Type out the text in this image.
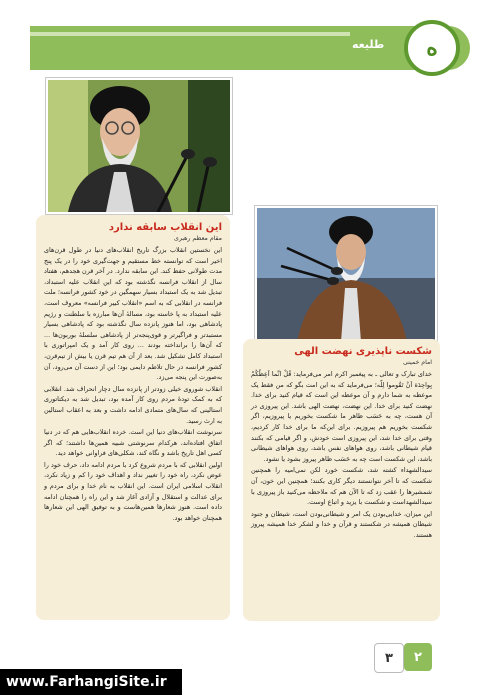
طلیعه ه
این انقلاب سابقه ندارد
مقام معظم رهبری

این نخستین انقلاب بزرگ تاریخ انقلاب‌های دنیا در طول قرن‌های اخیر است که توانسته خط مستقیم و جهت‌گیری خود را در یک پنج مدت طولانی حفظ کند. این سابقه ندارد. در آخر قرن هجدهم، هفتاد سال از انقلاب فرانسه نگذشته بود که این انقلاب علیه استبداد، تبدیل شد به یک استبداد بسیار سهمگین در خود کشور فرانسه؛ ملت فرانسه در انقلابی که به اسم «انقلاب کبیر فرانسه» معروف است، علیه استبداد به پا خاسته بود، مسالهٔ آن‌ها مبارزه با سلطنت و رژیم پادشاهی بود، اما هنوز پانزده سال نگذشته بود که پادشاهی بسیار مستبدتر و فراگیرتر و قوی‌پنجه‌تر از پادشاهی سلسلهٔ بوربون‌ها ... که آن‌ها را برانداخته بودند ... روی کار آمد و یک امپراتوری با استبداد کامل تشکیل شد. بعد از آن هم تیم قرن یا بیش از تیم‌قرن، کشور فرانسه در حال تلاطم دایمی بود؛ این از دست آن می‌رود، آن به‌صورت این پنجه می‌زد.

انقلاب شوروی خیلی زودتر از پانزده سال دچار انحراف شد. انقلابی که به کمک تودهٔ مردم روی کار آمده بود، تبدیل شد به دیکتاتوری استالینی که سال‌های متمادی ادامه داشت و بعد به اعقاب استالین به ارث رسید.

سرنوشت انقلاب‌های دنیا این است. خرده انقلاب‌هایی هم که در دنیا اتفاق افتاده‌اند، هرکدام سرنوشتی شبیه همین‌ها داشتند؛ که اگر کسی اهل تاریخ باشد و نگاه کند، شکلی‌های فراوانی خواهد دید.

اولین انقلابی که با مردم شروع کرد با مردم ادامه داد، حرف خود را عوض نکرد، راه خود را تغییر نداد و اهداف خود را کم و زیاد نکرد، انقلاب اسلامی ایران است. این انقلاب به نام خدا و برای مردم و برای عدالت و استقلال و آزادی آغاز شد و این راه را همچنان ادامه داده است. هنوز شعارها همین‌هاست و به توفیق الهی این شعارها همچنان خواهد بود.

شکست ناپذیری نهضت الهی
امام خمینی

خدای تبارک و تعالی ـ به پیغمبر اکرم امر می‌فرماید: قُلْ انَّما اَعِظُکُمْ بِواحِدَة اَنْ تَقُوموا لِلّه؛ می‌فرماید که به این امت بگو که من فقط یک موعظه به شما دارم و آن موعظه این است که قیام کنید برای خدا. نهضت کنید برای خدا. این نهضت، نهضت الهی باشد. این پیروزی در آن هست، چه به حَسَب ظاهر ما شکست بخوریم یا پیروزیم، اگر شکست بخوریم هم پیروزیم. برای این‌که ما برای خدا کار کردیم، وقتی برای خدا شد، این پیروزی است خودش، و اگر قیامی که بکنند قیام شیطانی باشد، روی هواهای نفس باشد، روی هواهای شیطانی باشد، این شکست است چه به حَسَب ظاهر پیروز بشود یا نشود.

سیدالشهداء کشته شد، شکست خورد لکن نمی‌امیه را همچنین شکست که تا آخر نتوانستند دیگر کاری بکنند؛ همچنین این خون، آن شمشیرها را عقب زد که تا الآن هم که ملاحظه می‌کنید باز پیروزی با سیدالشهداست و شکست با یزید و اتباع اوست.

این میزان، خدایی‌بودن یک امر و شیطانی‌بودن است، شیطان و جنود شیطان همیشه در شکستند و قرآن و خدا و لشکر خدا همیشه پیروز هستند.

۳	۲
www.FarhangiSite.ir
